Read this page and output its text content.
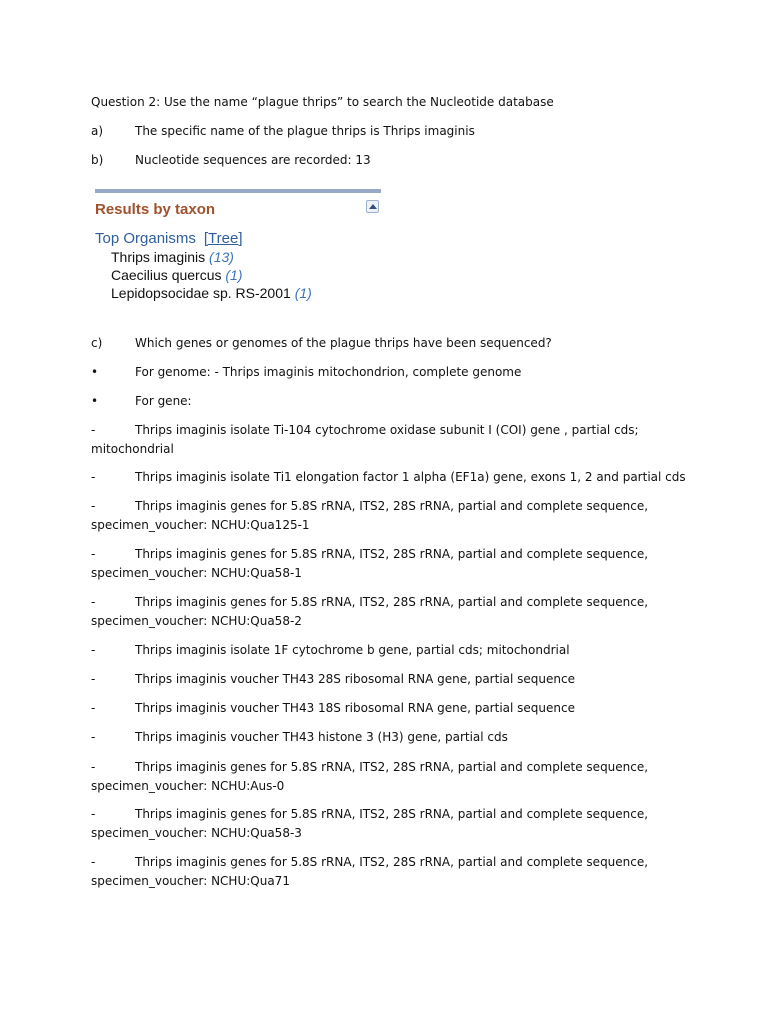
Question 2: Use the name “plague thrips” to search the Nucleotide database
a)	The specific name of the plague thrips is Thrips imaginis
b)	Nucleotide sequences are recorded: 13
Results by taxon
Top Organisms [Tree]
Thrips imaginis (13)
Caecilius quercus (1)
Lepidopsocidae sp. RS-2001 (1)
c)	Which genes or genomes of the plague thrips have been sequenced?
•	For genome: - Thrips imaginis mitochondrion, complete genome
•	For gene:
-	Thrips imaginis isolate Ti-104 cytochrome oxidase subunit I (COI) gene , partial cds;
mitochondrial
-	Thrips imaginis isolate Ti1 elongation factor 1 alpha (EF1a) gene, exons 1, 2 and partial cds
-	Thrips imaginis genes for 5.8S rRNA, ITS2, 28S rRNA, partial and complete sequence,
specimen_voucher: NCHU:Qua125-1
-	Thrips imaginis genes for 5.8S rRNA, ITS2, 28S rRNA, partial and complete sequence,
specimen_voucher: NCHU:Qua58-1
-	Thrips imaginis genes for 5.8S rRNA, ITS2, 28S rRNA, partial and complete sequence,
specimen_voucher: NCHU:Qua58-2
-	Thrips imaginis isolate 1F cytochrome b gene, partial cds; mitochondrial
-	Thrips imaginis voucher TH43 28S ribosomal RNA gene, partial sequence
-	Thrips imaginis voucher TH43 18S ribosomal RNA gene, partial sequence
-	Thrips imaginis voucher TH43 histone 3 (H3) gene, partial cds
-	Thrips imaginis genes for 5.8S rRNA, ITS2, 28S rRNA, partial and complete sequence,
specimen_voucher: NCHU:Aus-0
-	Thrips imaginis genes for 5.8S rRNA, ITS2, 28S rRNA, partial and complete sequence,
specimen_voucher: NCHU:Qua58-3
-	Thrips imaginis genes for 5.8S rRNA, ITS2, 28S rRNA, partial and complete sequence,
specimen_voucher: NCHU:Qua71
